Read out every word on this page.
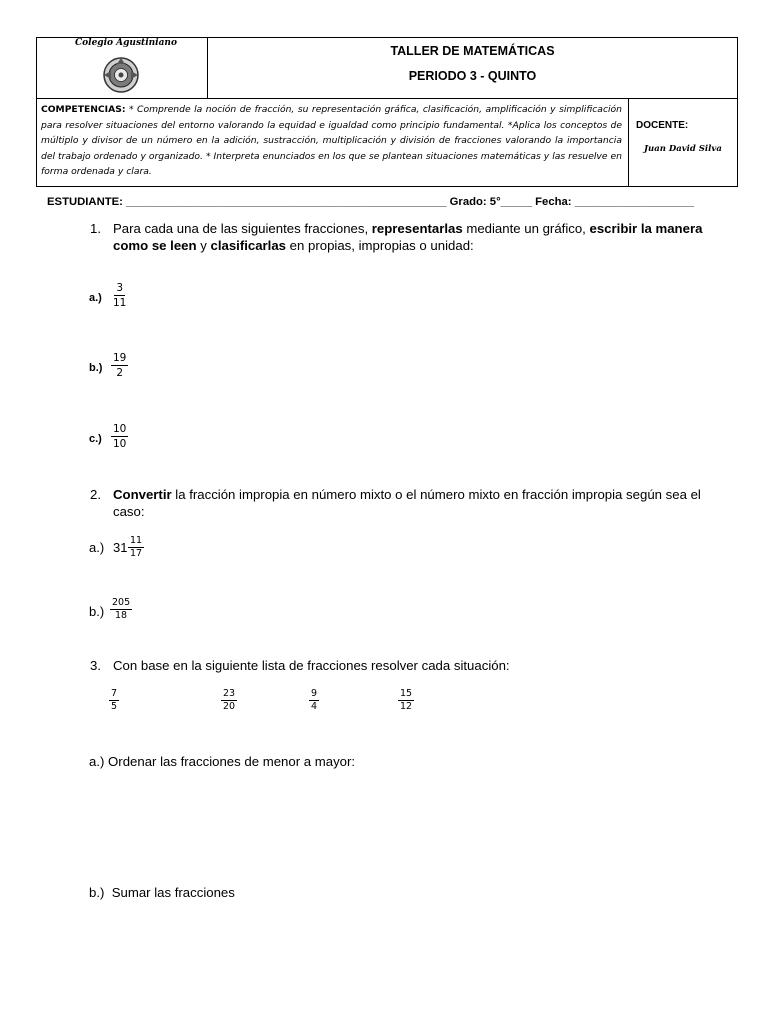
Colegio Agustiniano
TALLER DE MATEMÁTICAS
PERIODO 3 - QUINTO
COMPETENCIAS: * Comprende la noción de fracción, su representación gráfica, clasificación, amplificación y simplificación para resolver situaciones del entorno valorando la equidad e igualdad como principio fundamental. *Aplica los conceptos de múltiplo y divisor de un número en la adición, sustracción, multiplicación y división de fracciones valorando la importancia del trabajo ordenado y organizado. * Interpreta enunciados en los que se plantean situaciones matemáticas y las resuelve en forma ordenada y clara.
DOCENTE:
Juan David Silva
ESTUDIANTE: ___________________________________________________ Grado: 5°_____ Fecha: ___________________
1. Para cada una de las siguientes fracciones, representarlas mediante un gráfico, escribir la manera como se leen y clasificarlas en propias, impropias o unidad:
$a.) \frac{3}{11}$
$b.) \frac{19}{2}$
$c.) \frac{10}{10}$
2. Convertir la fracción impropia en número mixto o el número mixto en fracción impropia según sea el caso:
a.) $31 \frac{11}{17}$
$b.) \frac{205}{18}$
3. Con base en la siguiente lista de fracciones resolver cada situación:
$\frac{7}{5}$	$\frac{23}{20}$	$\frac{9}{4}$	$\frac{15}{12}$
a.) Ordenar las fracciones de menor a mayor:
b.)  Sumar las fracciones
